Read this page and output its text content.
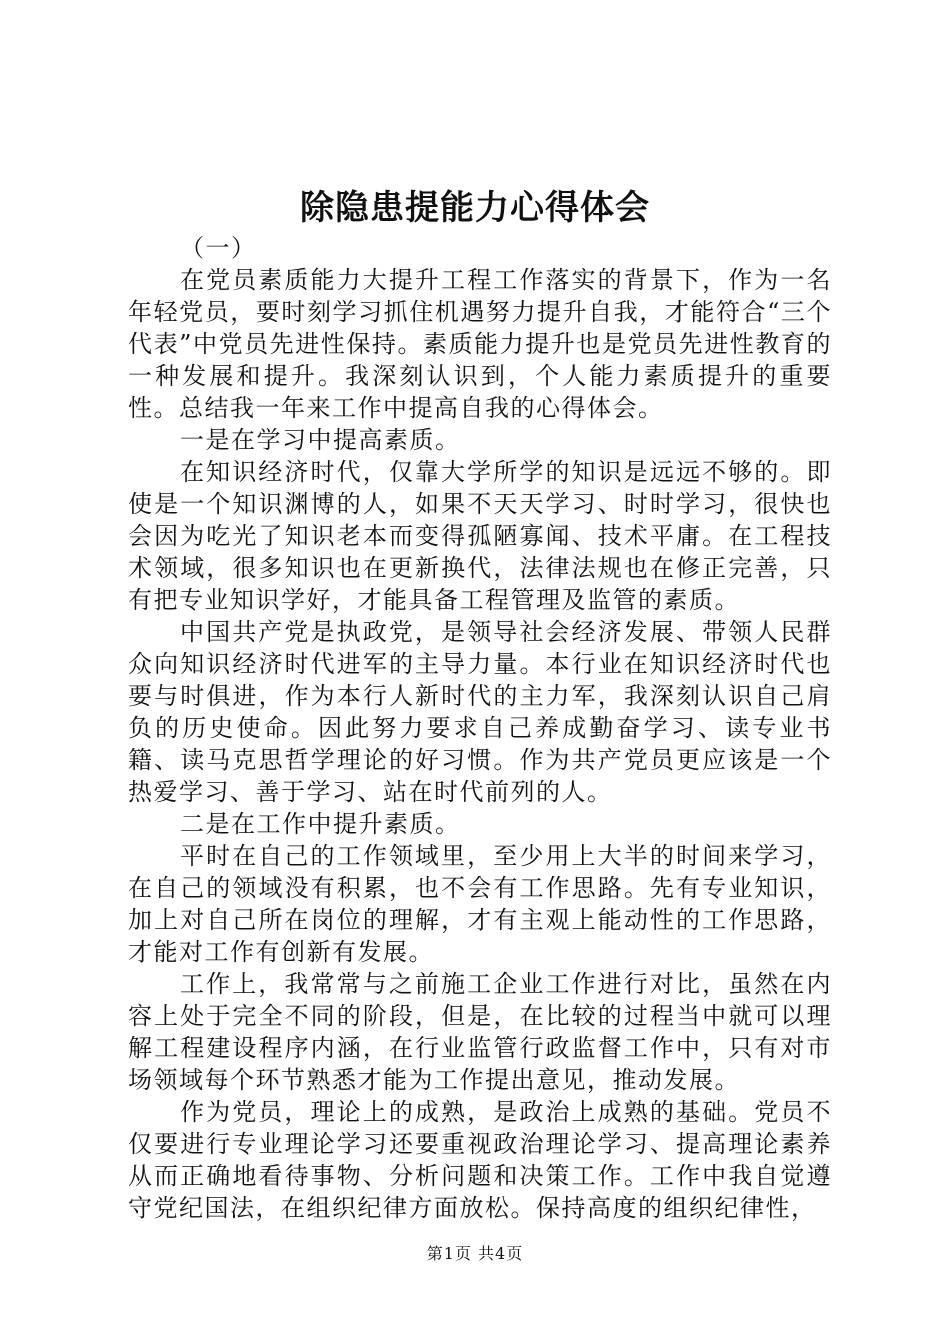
除隐患提能力心得体会

（一）

在党员素质能力大提升工程工作落实的背景下，作为一名年轻党员，要时刻学习抓住机遇努力提升自我，才能符合“三个代表”中党员先进性保持。素质能力提升也是党员先进性教育的一种发展和提升。我深刻认识到，个人能力素质提升的重要性。总结我一年来工作中提高自我的心得体会。

一是在学习中提高素质。

在知识经济时代，仅靠大学所学的知识是远远不够的。即使是一个知识渊博的人，如果不天天学习、时时学习，很快也会因为吃光了知识老本而变得孤陋寡闻、技术平庸。在工程技术领域，很多知识也在更新换代，法律法规也在修正完善，只有把专业知识学好，才能具备工程管理及监管的素质。

中国共产党是执政党，是领导社会经济发展、带领人民群众向知识经济时代进军的主导力量。本行业在知识经济时代也要与时俱进，作为本行人新时代的主力军，我深刻认识自己肩负的历史使命。因此努力要求自己养成勤奋学习、读专业书籍、读马克思哲学理论的好习惯。作为共产党员更应该是一个热爱学习、善于学习、站在时代前列的人。

二是在工作中提升素质。

平时在自己的工作领域里，至少用上大半的时间来学习，在自己的领域没有积累，也不会有工作思路。先有专业知识，加上对自己所在岗位的理解，才有主观上能动性的工作思路，才能对工作有创新有发展。

工作上，我常常与之前施工企业工作进行对比，虽然在内容上处于完全不同的阶段，但是，在比较的过程当中就可以理解工程建设程序内涵，在行业监管行政监督工作中，只有对市场领域每个环节熟悉才能为工作提出意见，推动发展。

作为党员，理论上的成熟，是政治上成熟的基础。党员不仅要进行专业理论学习还要重视政治理论学习、提高理论素养从而正确地看待事物、分析问题和决策工作。工作中我自觉遵守党纪国法，在组织纪律方面放松。保持高度的组织纪律性，

第1页 共4页
